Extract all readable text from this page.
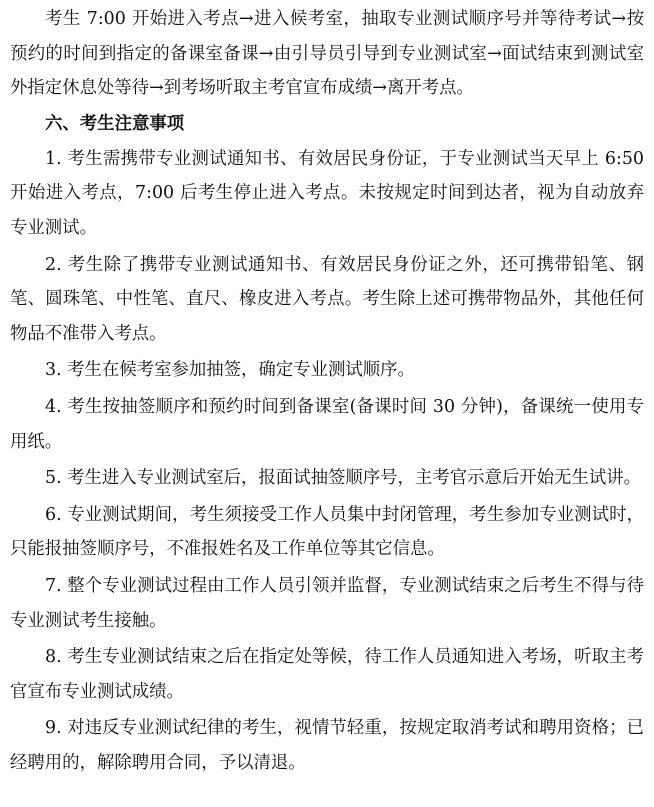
考生 7:00 开始进入考点→进入候考室，抽取专业测试顺序号并等待考试→按预约的时间到指定的备课室备课→由引导员引导到专业测试室→面试结束到测试室外指定休息处等待→到考场听取主考官宣布成绩→离开考点。

六、考生注意事项

1. 考生需携带专业测试通知书、有效居民身份证，于专业测试当天早上 6:50 开始进入考点，7:00 后考生停止进入考点。未按规定时间到达者，视为自动放弃专业测试。

2. 考生除了携带专业测试通知书、有效居民身份证之外，还可携带铅笔、钢笔、圆珠笔、中性笔、直尺、橡皮进入考点。考生除上述可携带物品外，其他任何物品不准带入考点。

3. 考生在候考室参加抽签，确定专业测试顺序。

4. 考生按抽签顺序和预约时间到备课室(备课时间 30 分钟)，备课统一使用专用纸。

5. 考生进入专业测试室后，报面试抽签顺序号，主考官示意后开始无生试讲。

6. 专业测试期间，考生须接受工作人员集中封闭管理，考生参加专业测试时，只能报抽签顺序号，不准报姓名及工作单位等其它信息。

7. 整个专业测试过程由工作人员引领并监督，专业测试结束之后考生不得与待专业测试考生接触。

8. 考生专业测试结束之后在指定处等候，待工作人员通知进入考场，听取主考官宣布专业测试成绩。

9. 对违反专业测试纪律的考生，视情节轻重，按规定取消考试和聘用资格；已经聘用的，解除聘用合同，予以清退。
